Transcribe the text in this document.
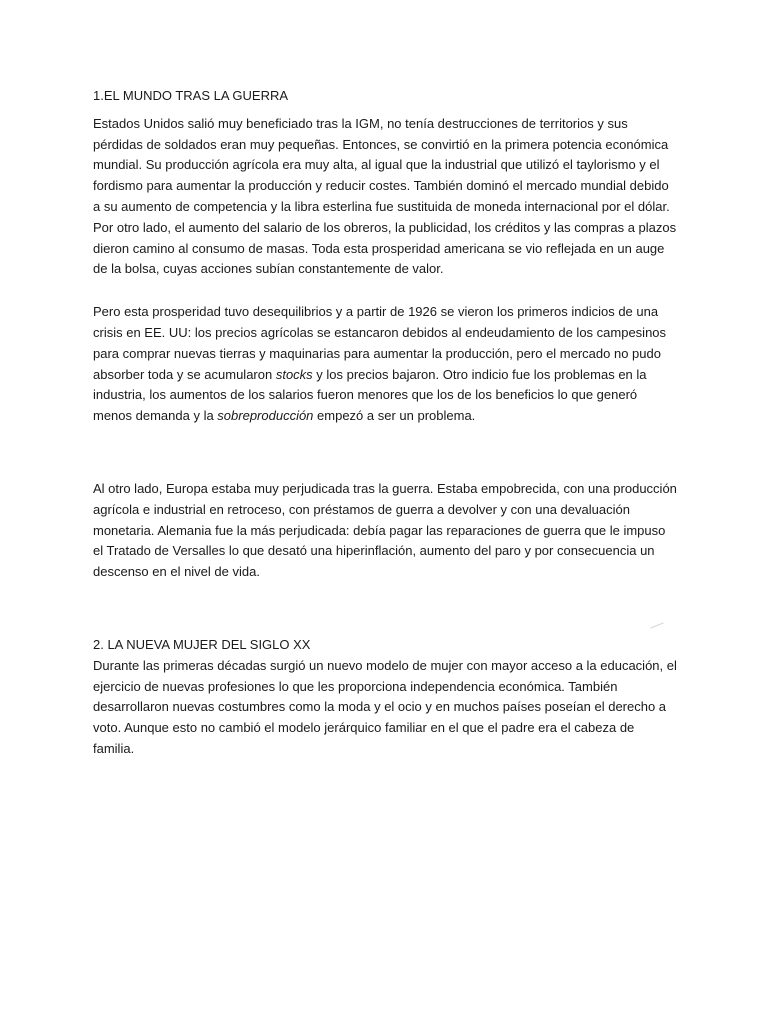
1.EL MUNDO TRAS LA GUERRA

Estados Unidos salió muy beneficiado tras la IGM, no tenía destrucciones de territorios y sus pérdidas de soldados eran muy pequeñas. Entonces, se convirtió en la primera potencia económica mundial. Su producción agrícola era muy alta, al igual que la industrial que utilizó el taylorismo y el fordismo para aumentar la producción y reducir costes. También dominó el mercado mundial debido a su aumento de competencia y la libra esterlina fue sustituida de moneda internacional por el dólar. Por otro lado, el aumento del salario de los obreros, la publicidad, los créditos y las compras a plazos dieron camino al consumo de masas. Toda esta prosperidad americana se vio reflejada en un auge de la bolsa, cuyas acciones subían constantemente de valor.

Pero esta prosperidad tuvo desequilibrios y a partir de 1926 se vieron los primeros indicios de una crisis en EE. UU: los precios agrícolas se estancaron debidos al endeudamiento de los campesinos para comprar nuevas tierras y maquinarias para aumentar la producción, pero el mercado no pudo absorber toda y se acumularon stocks y los precios bajaron. Otro indicio fue los problemas en la industria, los aumentos de los salarios fueron menores que los de los beneficios lo que generó menos demanda y la sobreproducción empezó a ser un problema.

Al otro lado, Europa estaba muy perjudicada tras la guerra. Estaba empobrecida, con una producción agrícola e industrial en retroceso, con préstamos de guerra a devolver y con una devaluación monetaria. Alemania fue la más perjudicada: debía pagar las reparaciones de guerra que le impuso el Tratado de Versalles lo que desató una hiperinflación, aumento del paro y por consecuencia un descenso en el nivel de vida.

2. LA NUEVA MUJER DEL SIGLO XX

Durante las primeras décadas surgió un nuevo modelo de mujer con mayor acceso a la educación, el ejercicio de nuevas profesiones lo que les proporciona independencia económica. También desarrollaron nuevas costumbres como la moda y el ocio y en muchos países poseían el derecho a voto. Aunque esto no cambió el modelo jerárquico familiar en el que el padre era el cabeza de familia.
